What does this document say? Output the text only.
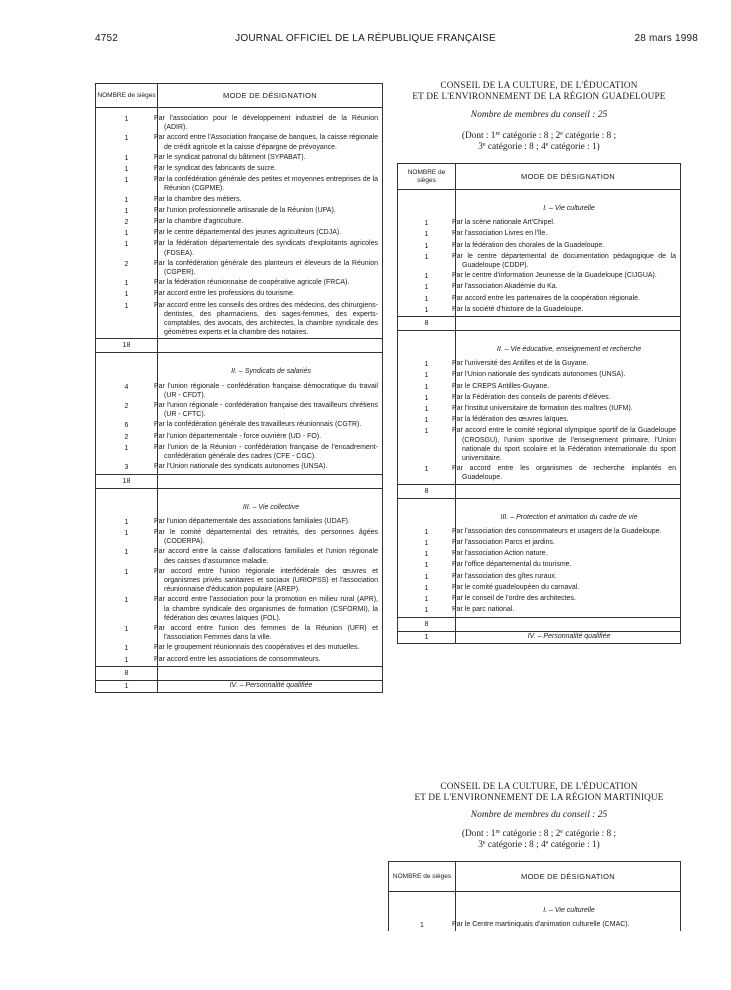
4752	JOURNAL OFFICIEL DE LA RÉPUBLIQUE FRANÇAISE	28 mars 1998
NOMBRE de sièges	MODE DE DÉSIGNATION

1	Par l'association pour le développement industriel de la Réunion (ADIR).
1	Par accord entre l'Association française de banques, la caisse régionale de crédit agricole et la caisse d'épargne de prévoyance.
1	Par le syndicat patronal du bâtiment (SYPABAT).
1	Par le syndicat des fabricants de sucre.
1	Par la confédération générale des petites et moyennes entreprises de la Réunion (CGPME).
1	Par la chambre des métiers.
1	Par l'union professionnelle artisanale de la Réunion (UPA).
2	Par la chambre d'agriculture.
1	Par le centre départemental des jeunes agriculteurs (CDJA).
1	Par la fédération départementale des syndicats d'exploitants agricoles (FDSEA).
2	Par la confédération générale des planteurs et éleveurs de la Réunion (CGPER).
1	Par la fédération réunionnaise de coopérative agricole (FRCA).
1	Par accord entre les professions du tourisme.
1	Par accord entre les conseils des ordres des médecins, des chirurgiens-dentistes, des pharmaciens, des sages-femmes, des experts-comptables, des avocats, des architectes, la chambre syndicale des géomètres experts et la chambre des notaires.
18	
	II. – Syndicats de salariés
4	Par l'union régionale - confédération française démocratique du travail (UR - CFDT).
2	Par l'union régionale - confédération française des travailleurs chrétiens (UR - CFTC).
6	Par la confédération générale des travailleurs réunionnais (CGTR).
2	Par l'union départementale - force ouvrière (UD - FO).
1	Par l'union de la Réunion - confédération française de l'encadrement-confédération générale des cadres (CFE - CGC).
3	Par l'Union nationale des syndicats autonomes (UNSA).
18	
	III. – Vie collective
1	Par l'union départementale des associations familiales (UDAF).
1	Par le comité départemental des retraités, des personnes âgées (CODERPA).
1	Par accord entre la caisse d'allocations familiales et l'union régionale des caisses d'assurance maladie.
1	Par accord entre l'union régionale interfédérale des œuvres et organismes privés sanitaires et sociaux (URIOPSS) et l'association réunionnaise d'éducation populaire (AREP).
1	Par accord entre l'association pour la promotion en milieu rural (APR), la chambre syndicale des organismes de formation (CSFORMI), la fédération des œuvres laïques (FOL).
1	Par accord entre l'union des femmes de la Réunion (UFR) et l'association Femmes dans la ville.
1	Par le groupement réunionnais des coopératives et des mutuelles.
1	Par accord entre les associations de consommateurs.
8	
1	IV. – Personnalité qualifiée
CONSEIL DE LA CULTURE, DE L'ÉDUCATION
ET DE L'ENVIRONNEMENT DE LA RÉGION GUADELOUPE
Nombre de membres du conseil : 25
(Dont : 1re catégorie : 8 ; 2e catégorie : 8 ;
3e catégorie : 8 ; 4e catégorie : 1)
NOMBRE de sièges	MODE DE DÉSIGNATION
	I. – Vie culturelle
1	Par la scène nationale Art'Chipel.
1	Par l'association Livres en l'île.
1	Par la fédération des chorales de la Guadeloupe.
1	Par le centre départemental de documentation pédagogique de la Guadeloupe (CDDP).
1	Par le centre d'information Jeunesse de la Guadeloupe (CIJGUA).
1	Par l'association Akadémie du Ka.
1	Par accord entre les partenaires de la coopération régionale.
1	Par la société d'histoire de la Guadeloupe.
8	
	II. – Vie éducative, enseignement et recherche
1	Par l'université des Antilles et de la Guyane.
1	Par l'Union nationale des syndicats autonomes (UNSA).
1	Par le CREPS Antilles-Guyane.
1	Par la Fédération des conseils de parents d'élèves.
1	Par l'institut universitaire de formation des maîtres (IUFM).
1	Par la fédération des œuvres laïques.
1	Par accord entre le comité régional olympique sportif de la Guadeloupe (CROSGU), l'union sportive de l'enseignement primaire, l'Union nationale du sport scolaire et la Fédération internationale du sport universitaire.
1	Par accord entre les organismes de recherche implantés en Guadeloupe.
8	
	III. – Protection et animation du cadre de vie
1	Par l'association des consommateurs et usagers de la Guadeloupe.
1	Par l'association Parcs et jardins.
1	Par l'association Action nature.
1	Par l'office départemental du tourisme.
1	Par l'association des gîtes ruraux.
1	Par le comité guadeloupéen du carnaval.
1	Par le conseil de l'ordre des architectes.
1	Par le parc national.
8	
1	IV. – Personnalité qualifiée
CONSEIL DE LA CULTURE, DE L'ÉDUCATION
ET DE L'ENVIRONNEMENT DE LA RÉGION MARTINIQUE
Nombre de membres du conseil : 25
(Dont : 1re catégorie : 8 ; 2e catégorie : 8 ;
3e catégorie : 8 ; 4e catégorie : 1)
NOMBRE de sièges	MODE DE DÉSIGNATION
	I. – Vie culturelle
1	Par le Centre martiniquais d'animation culturelle (CMAC).
